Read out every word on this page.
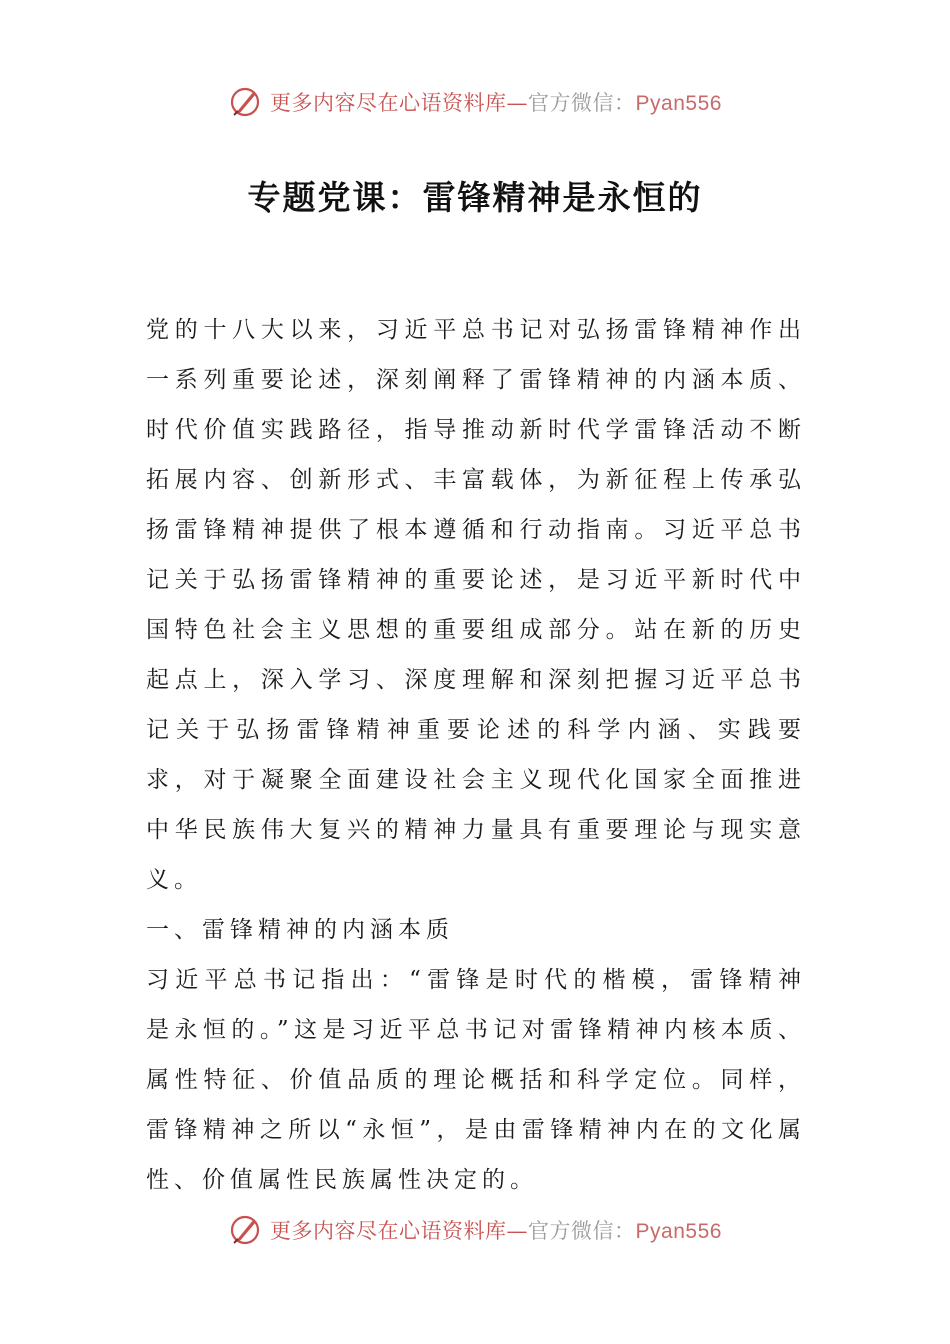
更多内容尽在心语资料库—官方微信：Pyan556
专题党课：雷锋精神是永恒的

党的十八大以来，习近平总书记对弘扬雷锋精神作出一系列重要论述，深刻阐释了雷锋精神的内涵本质、时代价值实践路径，指导推动新时代学雷锋活动不断拓展内容、创新形式、丰富载体，为新征程上传承弘扬雷锋精神提供了根本遵循和行动指南。习近平总书记关于弘扬雷锋精神的重要论述，是习近平新时代中国特色社会主义思想的重要组成部分。站在新的历史起点上，深入学习、深度理解和深刻把握习近平总书记关于弘扬雷锋精神重要论述的科学内涵、实践要求，对于凝聚全面建设社会主义现代化国家全面推进中华民族伟大复兴的精神力量具有重要理论与现实意义。

一、雷锋精神的内涵本质

习近平总书记指出：“雷锋是时代的楷模，雷锋精神是永恒的。”这是习近平总书记对雷锋精神内核本质、属性特征、价值品质的理论概括和科学定位。同样，雷锋精神之所以“永恒”，是由雷锋精神内在的文化属性、价值属性民族属性决定的。

更多内容尽在心语资料库—官方微信：Pyan556
